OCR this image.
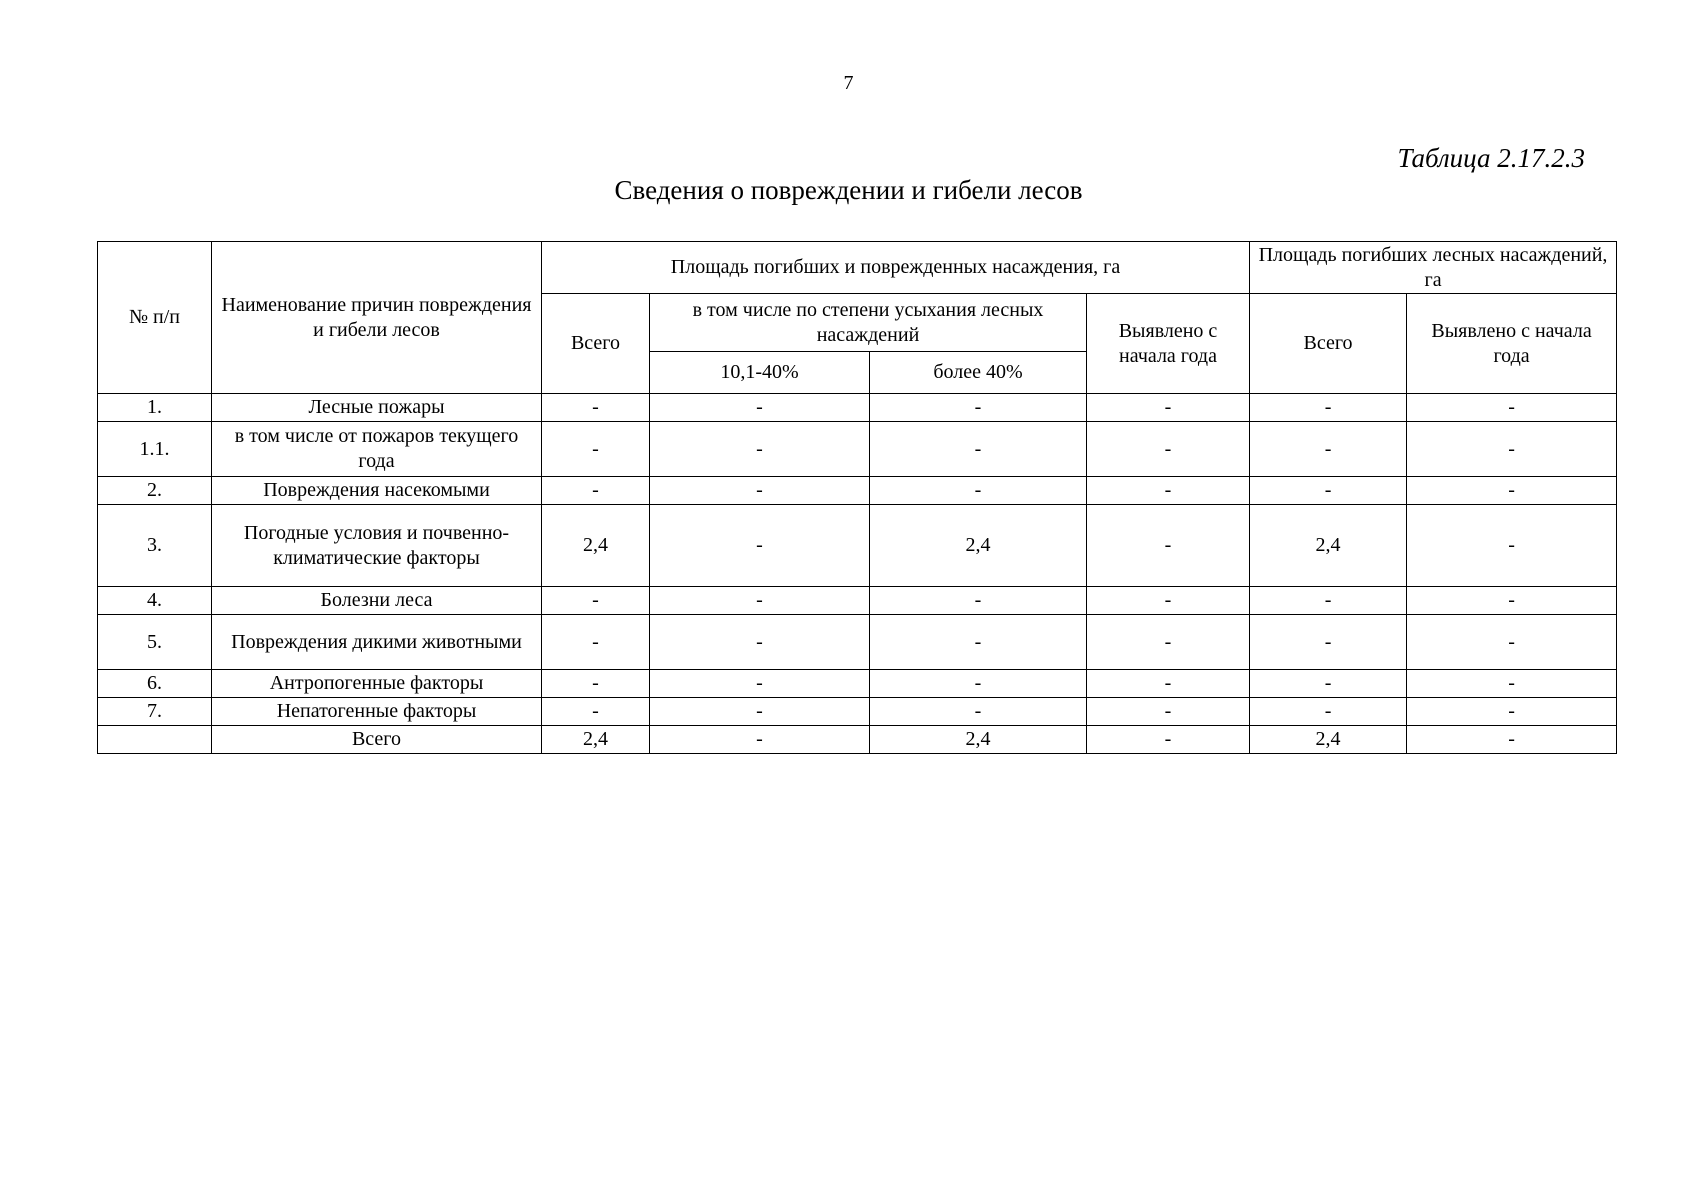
7
Таблица 2.17.2.3
Сведения о повреждении и гибели лесов
№ п/п	Наименование причин повреждения и гибели лесов	Площадь погибших и поврежденных насаждения, га				Площадь погибших лесных насаждений, га	
		Всего	в том числе по степени усыхания лесных насаждений		Выявлено с начала года	Всего	Выявлено с начала года
			10,1-40%	более 40%			
1.	Лесные пожары	-	-	-	-	-	-
1.1.	в том числе от пожаров текущего года	-	-	-	-	-	-
2.	Повреждения насекомыми	-	-	-	-	-	-
3.	Погодные условия и почвенно-климатические факторы	2,4	-	2,4	-	2,4	-
4.	Болезни леса	-	-	-	-	-	-
5.	Повреждения дикими животными	-	-	-	-	-	-
6.	Антропогенные факторы	-	-	-	-	-	-
7.	Непатогенные факторы	-	-	-	-	-	-
	Всего	2,4	-	2,4	-	2,4	-
